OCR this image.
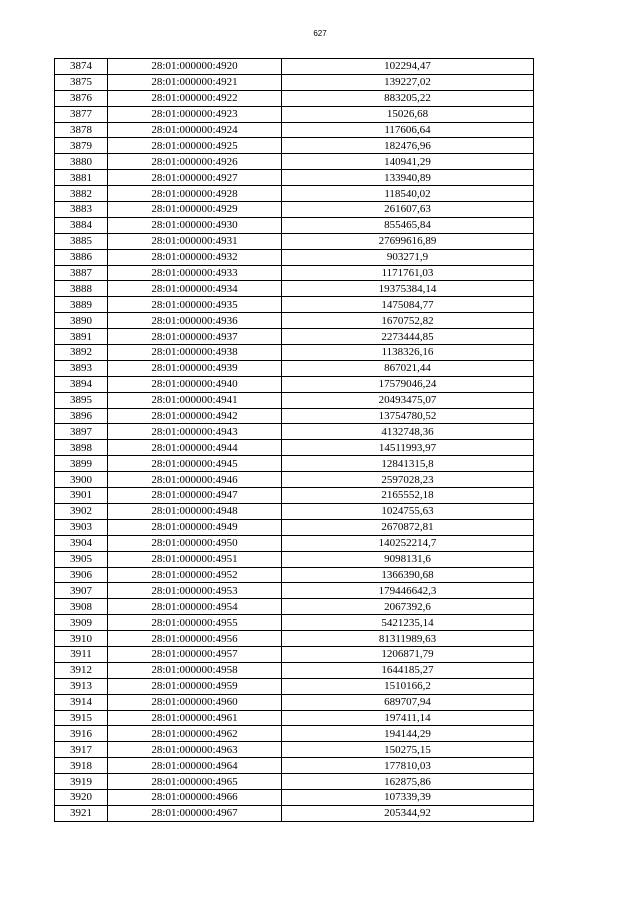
627
3874	28:01:000000:4920	102294,47
3875	28:01:000000:4921	139227,02
3876	28:01:000000:4922	883205,22
3877	28:01:000000:4923	15026,68
3878	28:01:000000:4924	117606,64
3879	28:01:000000:4925	182476,96
3880	28:01:000000:4926	140941,29
3881	28:01:000000:4927	133940,89
3882	28:01:000000:4928	118540,02
3883	28:01:000000:4929	261607,63
3884	28:01:000000:4930	855465,84
3885	28:01:000000:4931	27699616,89
3886	28:01:000000:4932	903271,9
3887	28:01:000000:4933	1171761,03
3888	28:01:000000:4934	19375384,14
3889	28:01:000000:4935	1475084,77
3890	28:01:000000:4936	1670752,82
3891	28:01:000000:4937	2273444,85
3892	28:01:000000:4938	1138326,16
3893	28:01:000000:4939	867021,44
3894	28:01:000000:4940	17579046,24
3895	28:01:000000:4941	20493475,07
3896	28:01:000000:4942	13754780,52
3897	28:01:000000:4943	4132748,36
3898	28:01:000000:4944	14511993,97
3899	28:01:000000:4945	12841315,8
3900	28:01:000000:4946	2597028,23
3901	28:01:000000:4947	2165552,18
3902	28:01:000000:4948	1024755,63
3903	28:01:000000:4949	2670872,81
3904	28:01:000000:4950	140252214,7
3905	28:01:000000:4951	9098131,6
3906	28:01:000000:4952	1366390,68
3907	28:01:000000:4953	179446642,3
3908	28:01:000000:4954	2067392,6
3909	28:01:000000:4955	5421235,14
3910	28:01:000000:4956	81311989,63
3911	28:01:000000:4957	1206871,79
3912	28:01:000000:4958	1644185,27
3913	28:01:000000:4959	1510166,2
3914	28:01:000000:4960	689707,94
3915	28:01:000000:4961	197411,14
3916	28:01:000000:4962	194144,29
3917	28:01:000000:4963	150275,15
3918	28:01:000000:4964	177810,03
3919	28:01:000000:4965	162875,86
3920	28:01:000000:4966	107339,39
3921	28:01:000000:4967	205344,92
